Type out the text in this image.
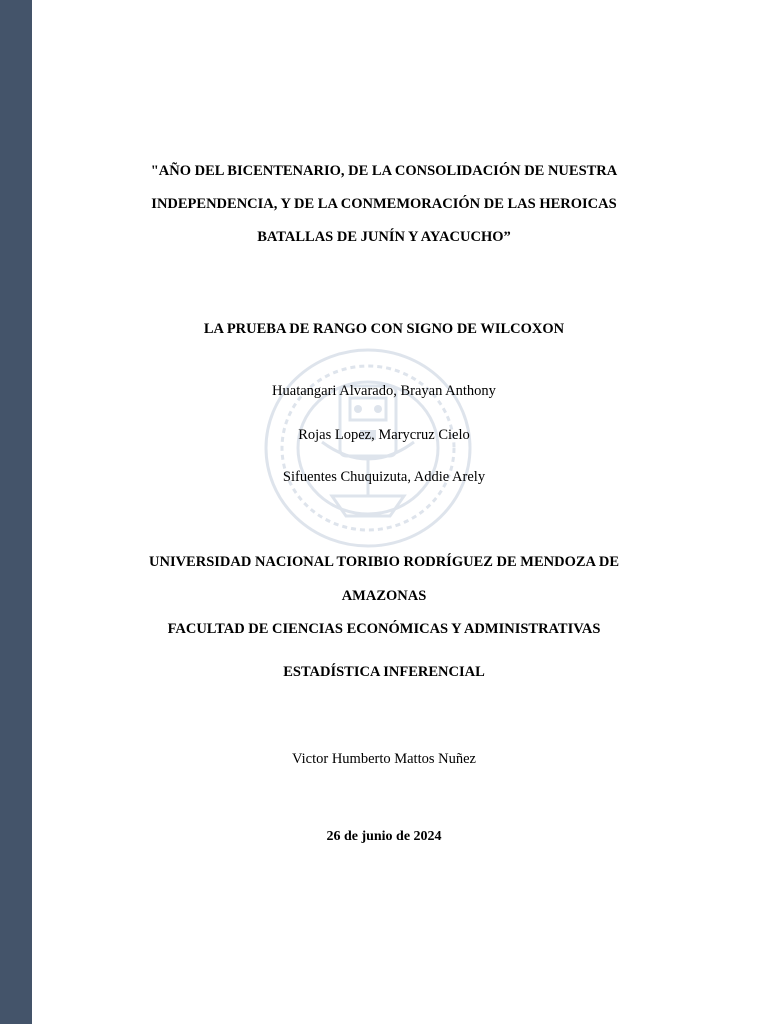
"AÑO DEL BICENTENARIO, DE LA CONSOLIDACIÓN DE NUESTRA
INDEPENDENCIA, Y DE LA CONMEMORACIÓN DE LAS HEROICAS
BATALLAS DE JUNÍN Y AYACUCHO”
LA PRUEBA DE RANGO CON SIGNO DE WILCOXON
Huatangari Alvarado, Brayan Anthony
Rojas Lopez, Marycruz Cielo
Sifuentes Chuquizuta, Addie Arely
UNIVERSIDAD NACIONAL TORIBIO RODRÍGUEZ DE MENDOZA DE
AMAZONAS
FACULTAD DE CIENCIAS ECONÓMICAS Y ADMINISTRATIVAS
ESTADÍSTICA INFERENCIAL
Victor Humberto Mattos Nuñez
26 de junio de 2024
